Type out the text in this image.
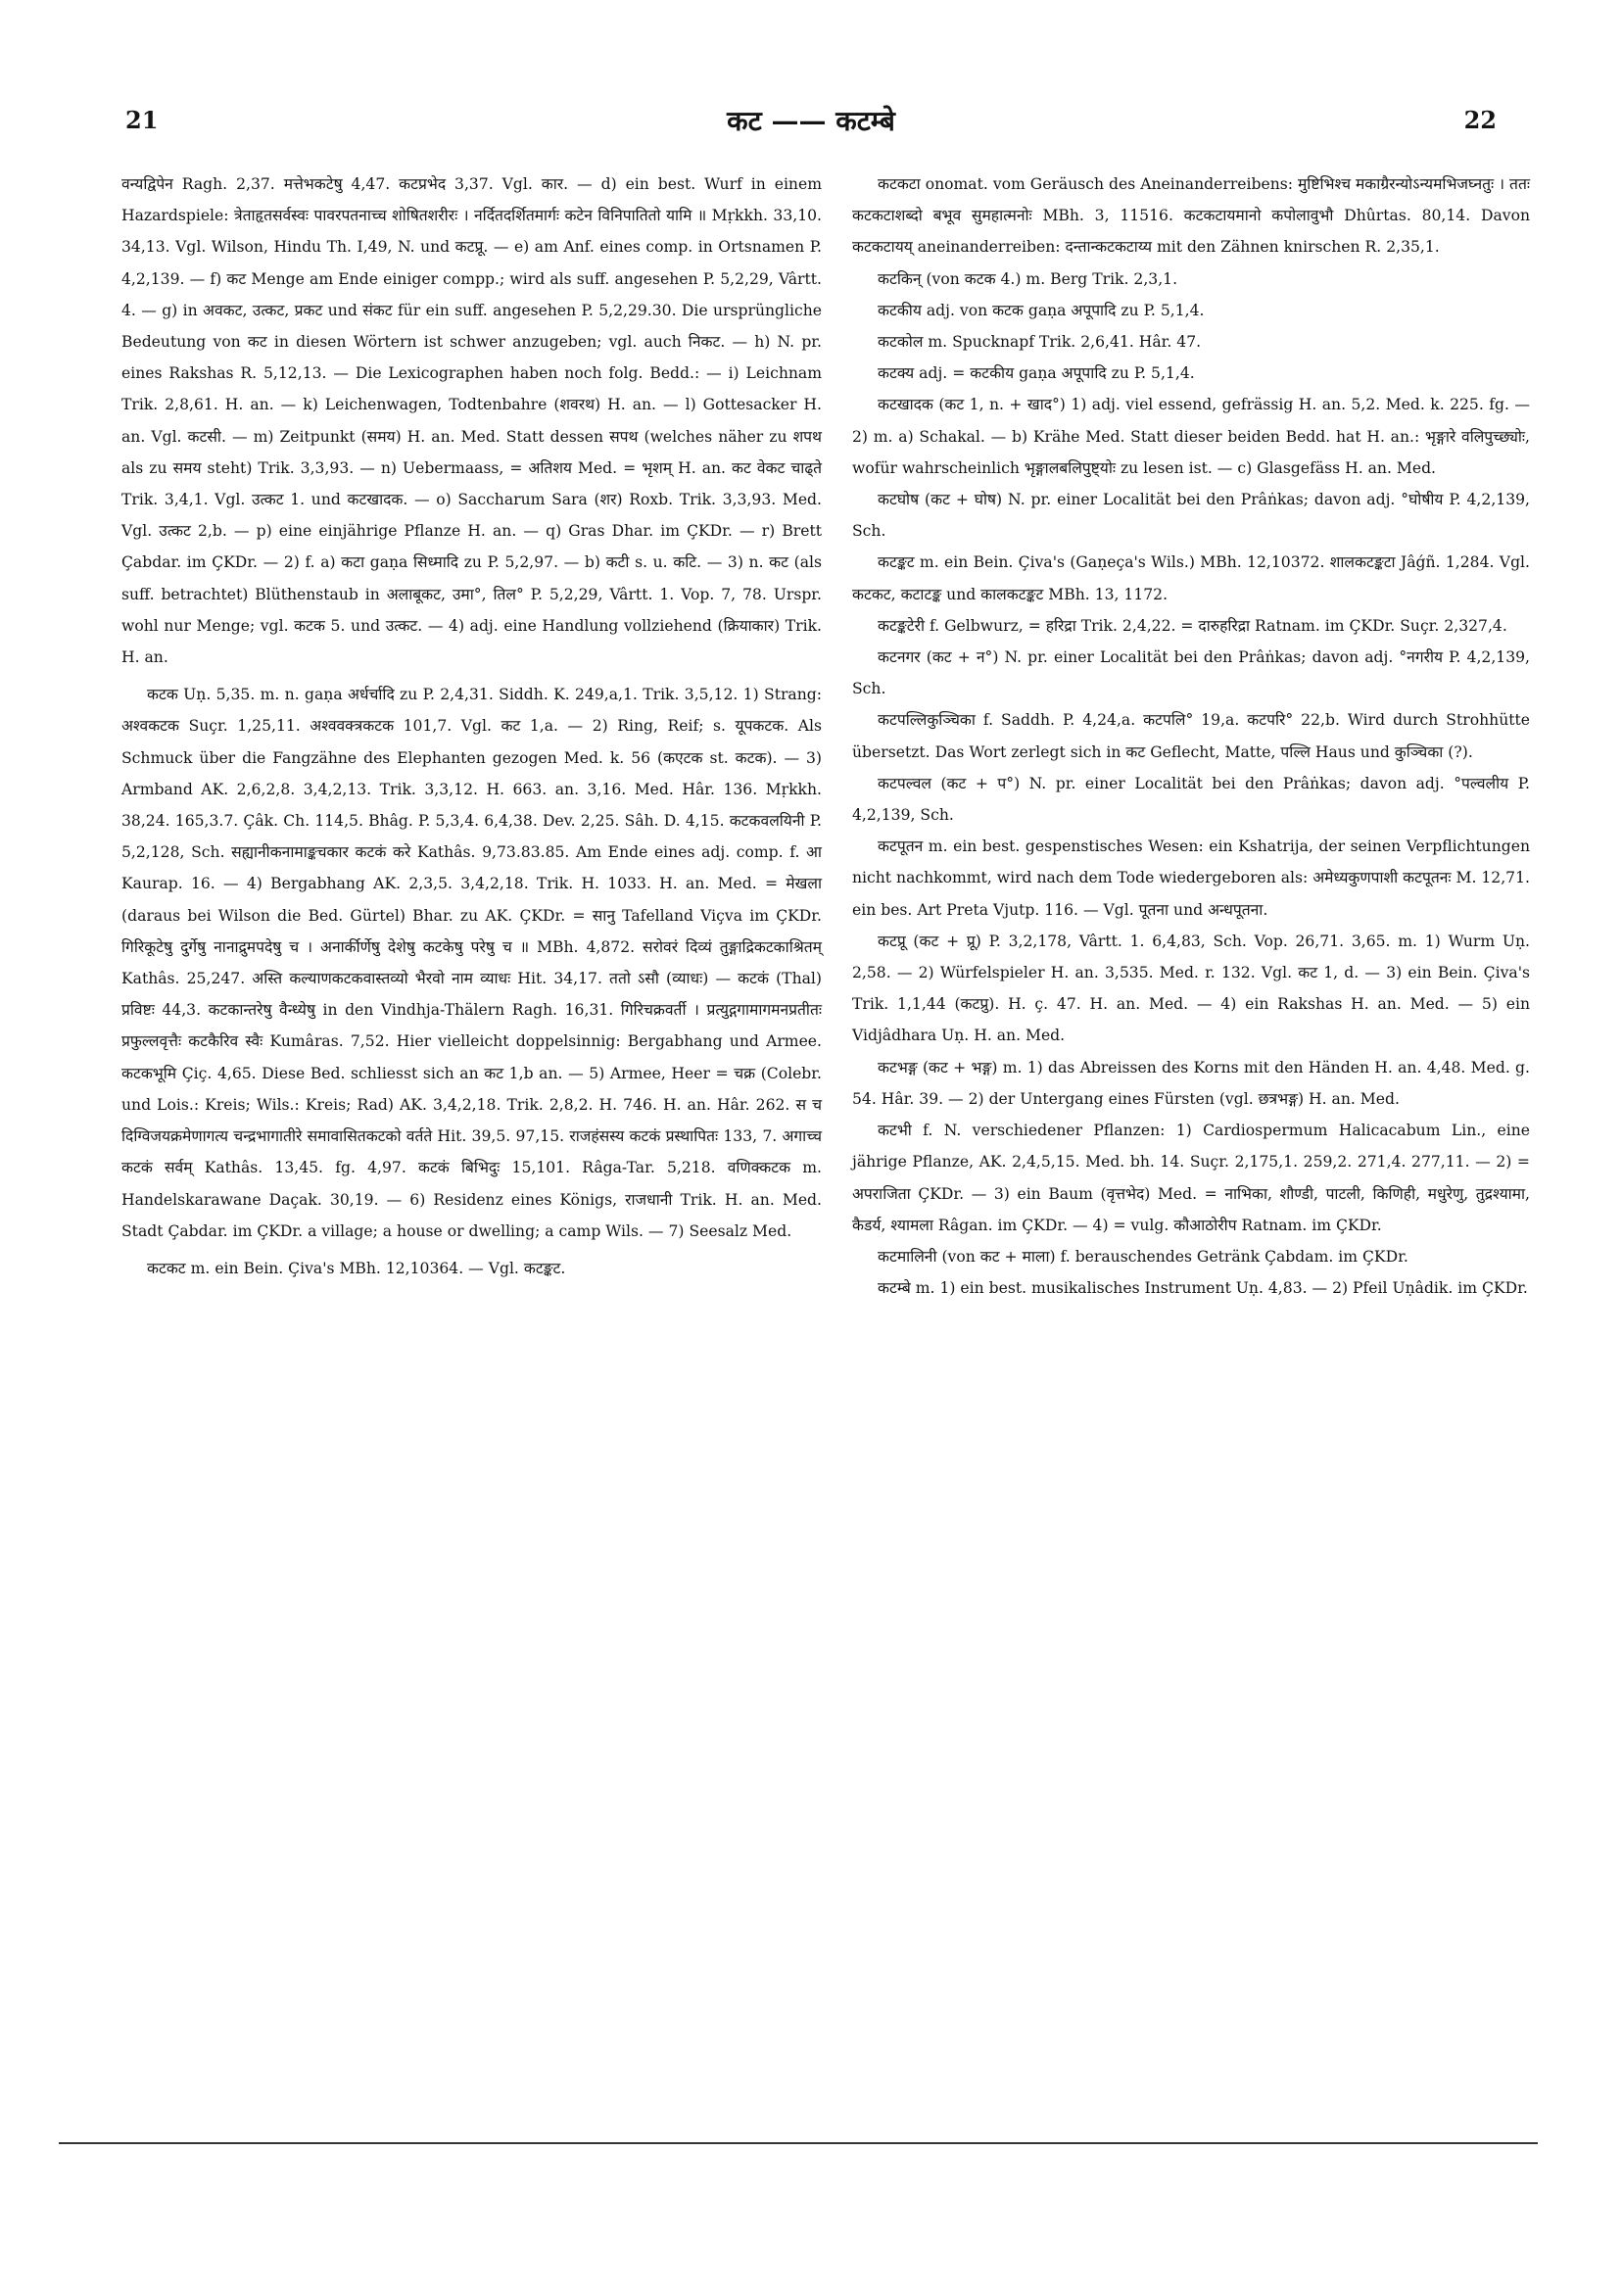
21	कट —— कटम्बे	22

वन्यद्विपेन Ragh. 2,37. मत्तेभकटेषु 4,47. कटप्रभेद 3,37. Vgl. कार. — d) ein best. Wurf in einem Hazardspiele: त्रेताहृतसर्वस्वः पावरपतनाच्च शोषितशरीरः । नर्दितदर्शितमार्गः कटेन विनिपातितो यामि ॥ Mṛkkh. 33,10. 34,13. Vgl. Wilson, Hindu Th. I,49, N. und कटप्रू. — e) am Anf. eines comp. in Ortsnamen P. 4,2,139. — f) कट Menge am Ende einiger compp.; wird als suff. angesehen P. 5,2,29, Vârtt. 4. — g) in अवकट, उत्कट, प्रकट und संकट für ein suff. angesehen P. 5,2,29.30. Die ursprüngliche Bedeutung von कट in diesen Wörtern ist schwer anzugeben; vgl. auch निकट. — h) N. pr. eines Rakshas R. 5,12,13. — Die Lexicographen haben noch folg. Bedd.: — i) Leichnam Trik. 2,8,61. H. an. — k) Leichenwagen, Todtenbahre (शवरथ) H. an. — l) Gottesacker H. an. Vgl. कटसी. — m) Zeitpunkt (समय) H. an. Med. Statt dessen सपथ (welches näher zu शपथ als zu समय steht) Trik. 3,3,93. — n) Uebermaass, = अतिशय Med. = भृशम् H. an. कट वेकट चाढ्ते Trik. 3,4,1. Vgl. उत्कट 1. und कटखादक. — o) Saccharum Sara (शर) Roxb. Trik. 3,3,93. Med. Vgl. उत्कट 2,b. — p) eine einjährige Pflanze H. an. — q) Gras Dhar. im ÇKDr. — r) Brett Çabdar. im ÇKDr. — 2) f. a) कटा gaṇa सिध्मादि zu P. 5,2,97. — b) कटी s. u. कटि. — 3) n. कट (als suff. betrachtet) Blüthenstaub in अलाबूकट, उमा°, तिल° P. 5,2,29, Vârtt. 1. Vop. 7, 78. Urspr. wohl nur Menge; vgl. कटक 5. und उत्कट. — 4) adj. eine Handlung vollziehend (क्रियाकार) Trik. H. an.

कटक Uṇ. 5,35. m. n. gaṇa अर्धर्चादि zu P. 2,4,31. Siddh. K. 249,a,1. Trik. 3,5,12. 1) Strang: अश्वकटक Suçr. 1,25,11. अश्ववक्त्रकटक 101,7. Vgl. कट 1,a. — 2) Ring, Reif; s. यूपकटक. Als Schmuck über die Fangzähne des Elephanten gezogen Med. k. 56 (कएटक st. कटक). — 3) Armband AK. 2,6,2,8. 3,4,2,13. Trik. 3,3,12. H. 663. an. 3,16. Med. Hâr. 136. Mṛkkh. 38,24. 165,3.7. Çâk. Ch. 114,5. Bhâg. P. 5,3,4. 6,4,38. Dev. 2,25. Sâh. D. 4,15. कटकवलयिनी P. 5,2,128, Sch. सह्यानीकनामाङ्कचकार कटकं करे Kathâs. 9,73.83.85. Am Ende eines adj. comp. f. आ Kaurap. 16. — 4) Bergabhang AK. 2,3,5. 3,4,2,18. Trik. H. 1033. H. an. Med. = मेखला (daraus bei Wilson die Bed. Gürtel) Bhar. zu AK. ÇKDr. = सानु Tafelland Viçva im ÇKDr. गिरिकूटेषु दुर्गेषु नानाद्रुमपदेषु च । अनार्कीर्णेषु देशेषु कटकेषु परेषु च ॥ MBh. 4,872. सरोवरं दिव्यं तुङ्गाद्रिकटकाश्रितम् Kathâs. 25,247. अस्ति कल्याणकटकवास्तव्यो भैरवो नाम व्याधः Hit. 34,17. ततो ऽसौ (व्याधः) — कटकं (Thal) प्रविष्टः 44,3. कटकान्तरेषु वैन्ध्येषु in den Vindhja-Thälern Ragh. 16,31. गिरिचक्रवर्ती । प्रत्युद्गगामागमनप्रतीतः प्रफुल्लवृत्तैः कटकैरिव स्वैः Kumâras. 7,52. Hier vielleicht doppelsinnig: Bergabhang und Armee. कटकभूमि Çiç. 4,65. Diese Bed. schliesst sich an कट 1,b an. — 5) Armee, Heer = चक्र (Colebr. und Lois.: Kreis; Wils.: Kreis; Rad) AK. 3,4,2,18. Trik. 2,8,2. H. 746. H. an. Hâr. 262. स च दिग्विजयक्रमेणागत्य चन्द्रभागातीरे समावासितकटको वर्तते Hit. 39,5. 97,15. राजहंसस्य कटकं प्रस्थापितः 133, 7. अगाच्च कटकं सर्वम् Kathâs. 13,45. fg. 4,97. कटकं बिभिदुः 15,101. Râga-Tar. 5,218. वणिक्कटक m. Handelskarawane Daçak. 30,19. — 6) Residenz eines Königs, राजधानी Trik. H. an. Med. Stadt Çabdar. im ÇKDr. a village; a house or dwelling; a camp Wils. — 7) Seesalz Med.

कटकट m. ein Bein. Çiva's MBh. 12,10364. — Vgl. कटङ्कट.

कटकटा onomat. vom Geräusch des Aneinanderreibens: मुष्टिभिश्च मकाग्रैरन्योऽन्यमभिजघ्नतुः । ततः कटकटाशब्दो बभूव सुमहात्मनोः MBh. 3, 11516. कटकटायमानो कपोलावुभौ Dhûrtas. 80,14. Davon कटकटायय् aneinanderreiben: दन्तान्कटकटाय्य mit den Zähnen knirschen R. 2,35,1.

कटकिन् (von कटक 4.) m. Berg Trik. 2,3,1.

कटकीय adj. von कटक gaṇa अपूपादि zu P. 5,1,4.

कटकोल m. Spucknapf Trik. 2,6,41. Hâr. 47.

कटक्य adj. = कटकीय gaṇa अपूपादि zu P. 5,1,4.

कटखादक (कट 1, n. + खाद°) 1) adj. viel essend, gefrässig H. an. 5,2. Med. k. 225. fg. — 2) m. a) Schakal. — b) Krähe Med. Statt dieser beiden Bedd. hat H. an.: भृङ्गारे वलिपुच्छ्योः, wofür wahrscheinlich भृङ्गालबलिपुष्ट्योः zu lesen ist. — c) Glasgefäss H. an. Med.

कटघोष (कट + घोष) N. pr. einer Localität bei den Prâṅkas; davon adj. °घोषीय P. 4,2,139, Sch.

कटङ्कट m. ein Bein. Çiva's (Gaṇeça's Wils.) MBh. 12,10372. शालकटङ्कटा Jâǵñ. 1,284. Vgl. कटकट, कटाटङ्क und कालकटङ्कट MBh. 13, 1172.

कटङ्कटेरी f. Gelbwurz, = हरिद्रा Trik. 2,4,22. = दारुहरिद्रा Ratnam. im ÇKDr. Suçr. 2,327,4.

कटनगर (कट + न°) N. pr. einer Localität bei den Prâṅkas; davon adj. °नगरीय P. 4,2,139, Sch.

कटपल्लिकुञ्चिका f. Saddh. P. 4,24,a. कटपलि° 19,a. कटपरि° 22,b. Wird durch Strohhütte übersetzt. Das Wort zerlegt sich in कट Geflecht, Matte, पल्लि Haus und कुञ्चिका (?).

कटपल्वल (कट + प°) N. pr. einer Localität bei den Prâṅkas; davon adj. °पल्वलीय P. 4,2,139, Sch.

कटपूतन m. ein best. gespenstisches Wesen: ein Kshatrija, der seinen Verpflichtungen nicht nachkommt, wird nach dem Tode wiedergeboren als: अमेध्यकुणपाशी कटपूतनः M. 12,71. ein bes. Art Preta Vjutp. 116. — Vgl. पूतना und अन्धपूतना.

कटप्रू (कट + प्रू) P. 3,2,178, Vârtt. 1. 6,4,83, Sch. Vop. 26,71. 3,65. m. 1) Wurm Uṇ. 2,58. — 2) Würfelspieler H. an. 3,535. Med. r. 132. Vgl. कट 1, d. — 3) ein Bein. Çiva's Trik. 1,1,44 (कटप्रु). H. ç. 47. H. an. Med. — 4) ein Rakshas H. an. Med. — 5) ein Vidjâdhara Uṇ. H. an. Med.

कटभङ्ग (कट + भङ्ग) m. 1) das Abreissen des Korns mit den Händen H. an. 4,48. Med. g. 54. Hâr. 39. — 2) der Untergang eines Fürsten (vgl. छत्रभङ्ग) H. an. Med.

कटभी f. N. verschiedener Pflanzen: 1) Cardiospermum Halicacabum Lin., eine jährige Pflanze, AK. 2,4,5,15. Med. bh. 14. Suçr. 2,175,1. 259,2. 271,4. 277,11. — 2) = अपराजिता ÇKDr. — 3) ein Baum (वृत्तभेद) Med. = नाभिका, शौण्डी, पाटली, किणिही, मधुरेणु, तुद्रश्यामा, कैडर्य, श्यामला Râgan. im ÇKDr. — 4) = vulg. कौआठोरीप Ratnam. im ÇKDr.

कटमालिनी (von कट + माला) f. berauschendes Getränk Çabdam. im ÇKDr.

कटम्बे m. 1) ein best. musikalisches Instrument Uṇ. 4,83. — 2) Pfeil Uṇâdik. im ÇKDr.
